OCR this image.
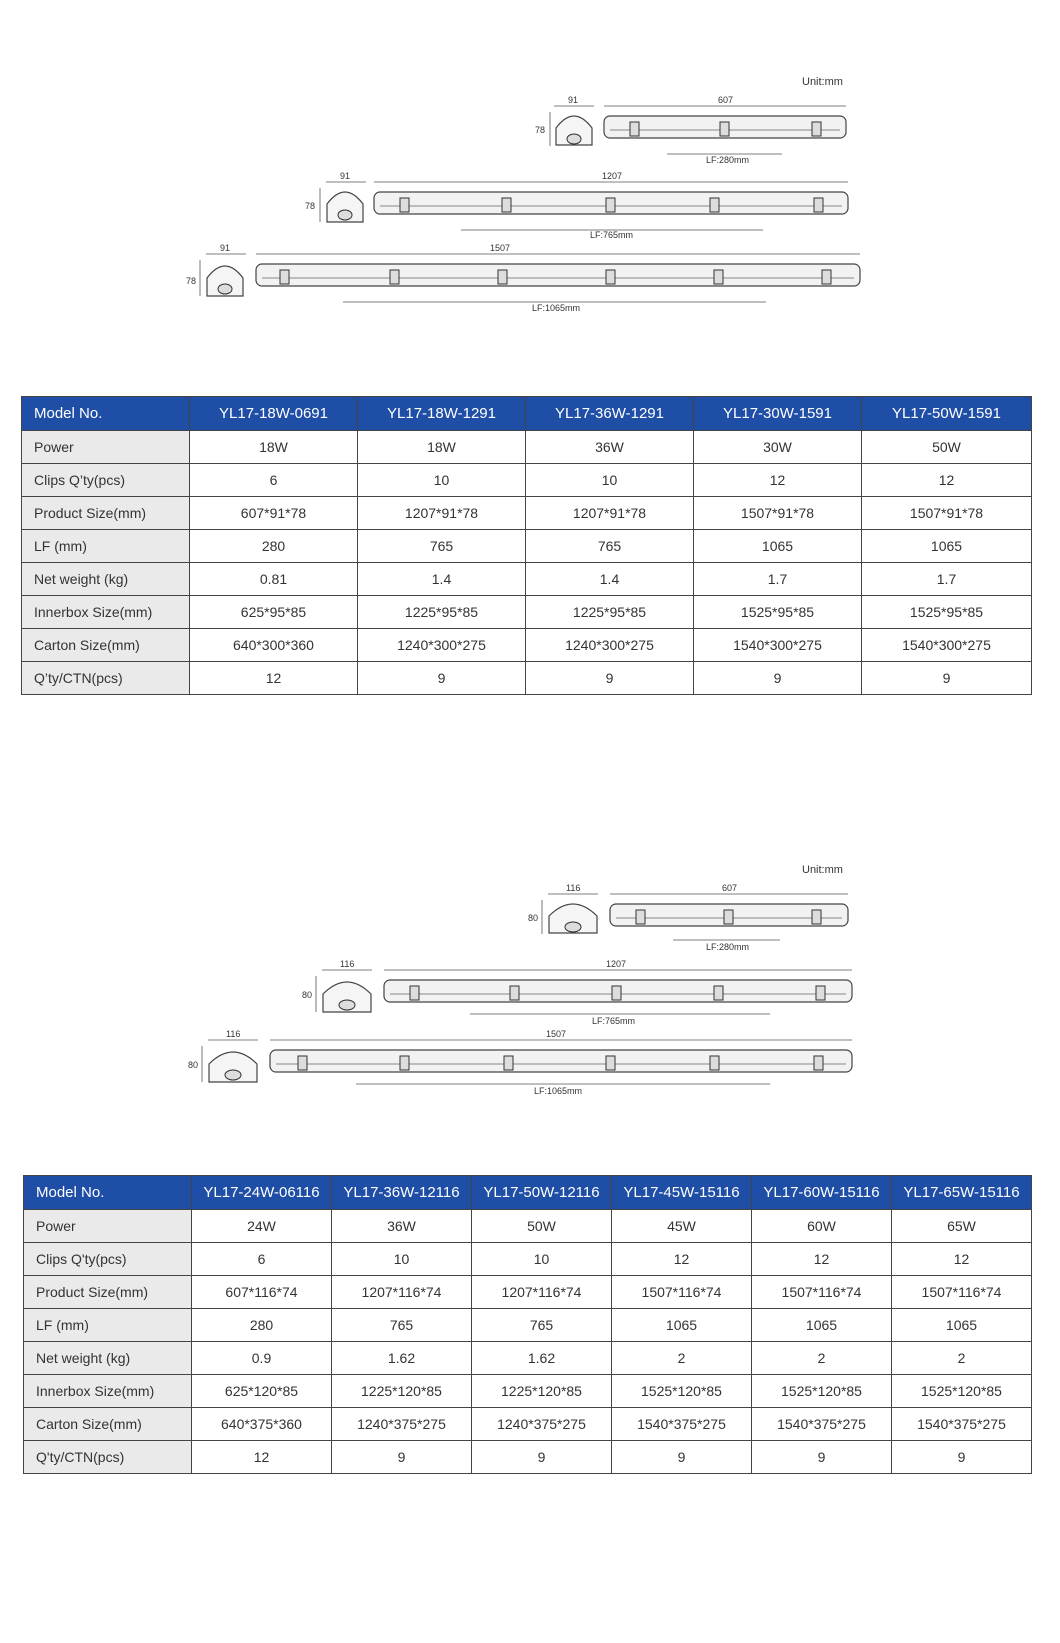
Unit:mm
91
78
607
LF:280mm
91
78
1207
LF:765mm
91
78
1507
LF:1065mm
Model No.	YL17-18W-0691	YL17-18W-1291	YL17-36W-1291	YL17-30W-1591	YL17-50W-1591
Power	18W	18W	36W	30W	50W
Clips Q’ty(pcs)	6	10	10	12	12
Product Size(mm)	607*91*78	1207*91*78	1207*91*78	1507*91*78	1507*91*78
LF (mm)	280	765	765	1065	1065
Net weight (kg)	0.81	1.4	1.4	1.7	1.7
Innerbox Size(mm)	625*95*85	1225*95*85	1225*95*85	1525*95*85	1525*95*85
Carton Size(mm)	640*300*360	1240*300*275	1240*300*275	1540*300*275	1540*300*275
Q’ty/CTN(pcs)	12	9	9	9	9
Unit:mm
116
80
607
LF:280mm
116
80
1207
LF:765mm
116
80
1507
LF:1065mm
Model No.	YL17-24W-06116	YL17-36W-12116	YL17-50W-12116	YL17-45W-15116	YL17-60W-15116	YL17-65W-15116
Power	24W	36W	50W	45W	60W	65W
Clips Q'ty(pcs)	6	10	10	12	12	12
Product Size(mm)	607*116*74	1207*116*74	1207*116*74	1507*116*74	1507*116*74	1507*116*74
LF (mm)	280	765	765	1065	1065	1065
Net weight (kg)	0.9	1.62	1.62	2	2	2
Innerbox Size(mm)	625*120*85	1225*120*85	1225*120*85	1525*120*85	1525*120*85	1525*120*85
Carton Size(mm)	640*375*360	1240*375*275	1240*375*275	1540*375*275	1540*375*275	1540*375*275
Q'ty/CTN(pcs)	12	9	9	9	9	9
